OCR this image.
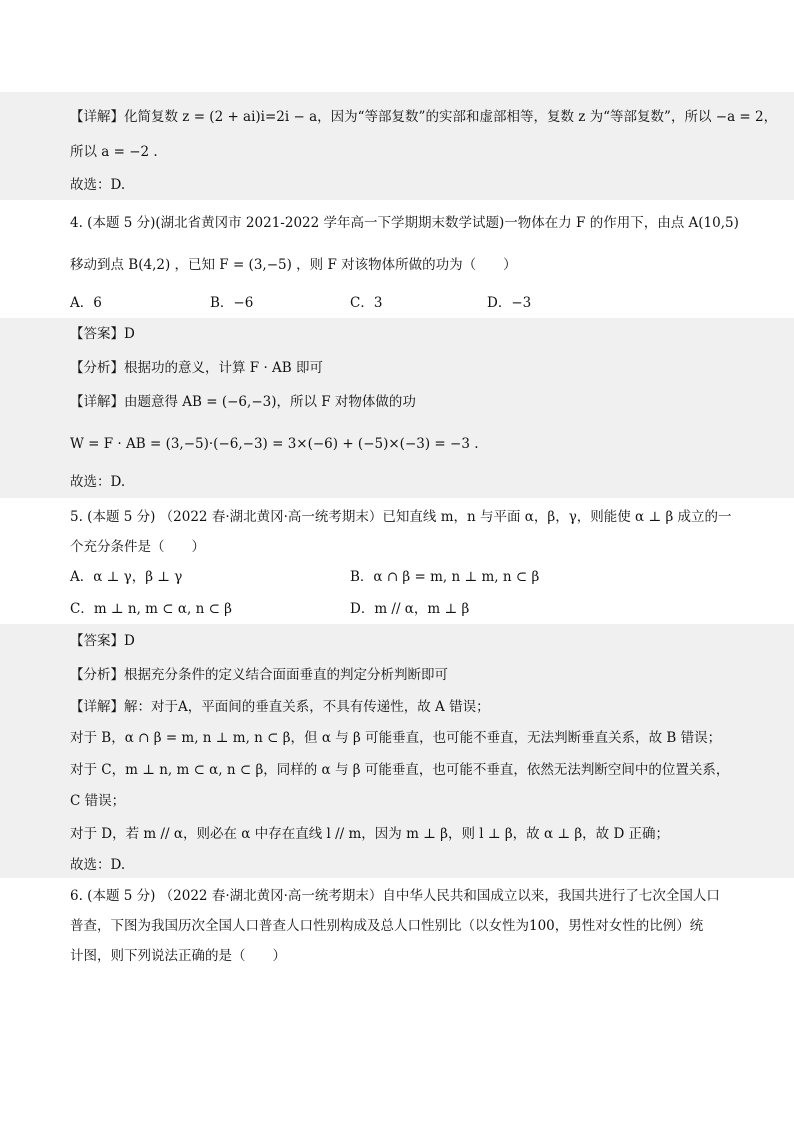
【详解】化简复数 z = (2 + ai)i=2i − a，因为“等部复数”的实部和虚部相等，复数 z 为“等部复数”，所以 −a = 2，
所以 a = −2 .
故选：D.
4. (本题 5 分)(湖北省黄冈市 2021-2022 学年高一下学期期末数学试题)一物体在力 F 的作用下，由点 A(10,5)
移动到点 B(4,2) ，已知 F = (3,−5) ，则 F 对该物体所做的功为（　　）
A．6	B．−6	C．3	D．−3
【答案】D
【分析】根据功的意义，计算 F · AB 即可
【详解】由题意得 AB = (−6,−3)，所以 F 对物体做的功
W = F · AB = (3,−5)·(−6,−3) = 3×(−6) + (−5)×(−3) = −3 .
故选：D.
5. (本题 5 分) （2022 春·湖北黄冈·高一统考期末）已知直线 m，n 与平面 α，β，γ，则能使 α ⊥ β 成立的一
个充分条件是（　　）
A．α ⊥ γ，β ⊥ γ	B．α ∩ β = m, n ⊥ m, n ⊂ β
C．m ⊥ n, m ⊂ α, n ⊂ β	D．m // α，m ⊥ β
【答案】D
【分析】根据充分条件的定义结合面面垂直的判定分析判断即可
【详解】解：对于A，平面间的垂直关系，不具有传递性，故 A 错误；
对于 B，α ∩ β = m, n ⊥ m, n ⊂ β，但 α 与 β 可能垂直，也可能不垂直，无法判断垂直关系，故 B 错误；
对于 C，m ⊥ n, m ⊂ α, n ⊂ β，同样的 α 与 β 可能垂直，也可能不垂直，依然无法判断空间中的位置关系，
C 错误；
对于 D，若 m // α，则必在 α 中存在直线 l // m，因为 m ⊥ β，则 l ⊥ β，故 α ⊥ β，故 D 正确；
故选：D.
6. (本题 5 分) （2022 春·湖北黄冈·高一统考期末）自中华人民共和国成立以来，我国共进行了七次全国人口
普查，下图为我国历次全国人口普查人口性别构成及总人口性别比（以女性为100，男性对女性的比例）统
计图，则下列说法正确的是（　　）
